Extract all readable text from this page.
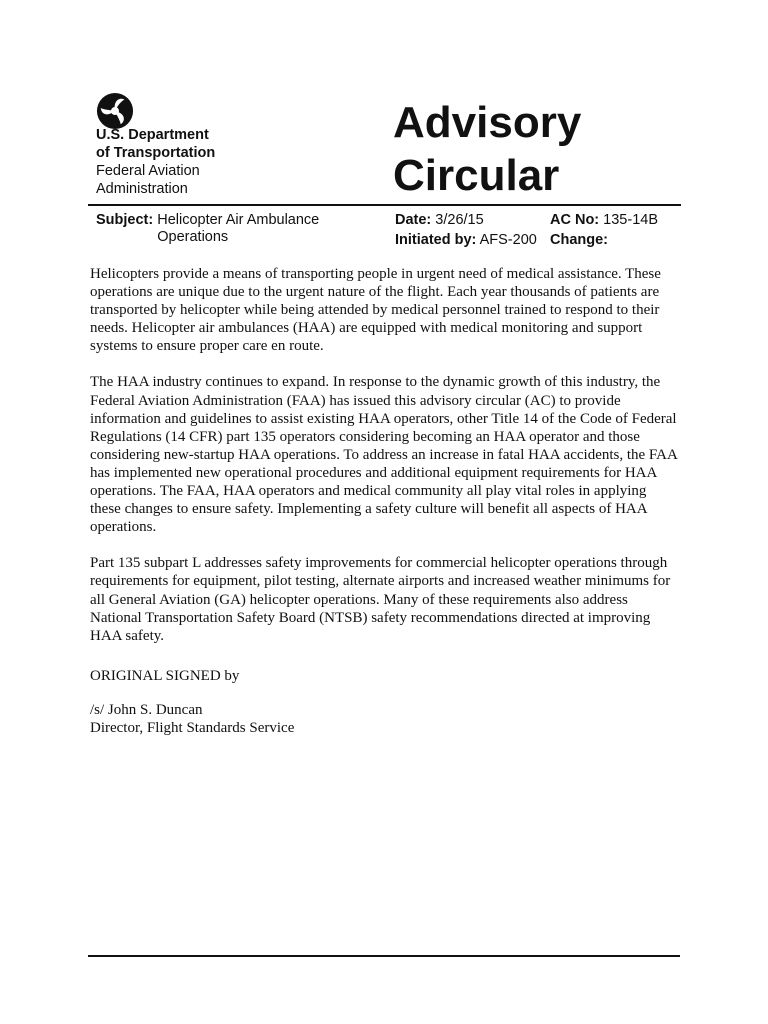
U.S. Department
of Transportation
Federal Aviation
Administration
Advisory
Circular
Subject: Helicopter Air Ambulance
Operations
Date: 3/26/15
Initiated by: AFS-200
AC No: 135-14B
Change:

Helicopters provide a means of transporting people in urgent need of medical assistance. These operations are unique due to the urgent nature of the flight. Each year thousands of patients are transported by helicopter while being attended by medical personnel trained to respond to their needs. Helicopter air ambulances (HAA) are equipped with medical monitoring and support systems to ensure proper care en route.

The HAA industry continues to expand. In response to the dynamic growth of this industry, the Federal Aviation Administration (FAA) has issued this advisory circular (AC) to provide information and guidelines to assist existing HAA operators, other Title 14 of the Code of Federal Regulations (14 CFR) part 135 operators considering becoming an HAA operator and those considering new-startup HAA operations. To address an increase in fatal HAA accidents, the FAA has implemented new operational procedures and additional equipment requirements for HAA operations. The FAA, HAA operators and medical community all play vital roles in applying these changes to ensure safety. Implementing a safety culture will benefit all aspects of HAA operations.

Part 135 subpart L addresses safety improvements for commercial helicopter operations through requirements for equipment, pilot testing, alternate airports and increased weather minimums for all General Aviation (GA) helicopter operations. Many of these requirements also address National Transportation Safety Board (NTSB) safety recommendations directed at improving HAA safety.

ORIGINAL SIGNED by
/s/ John S. Duncan
Director, Flight Standards Service
